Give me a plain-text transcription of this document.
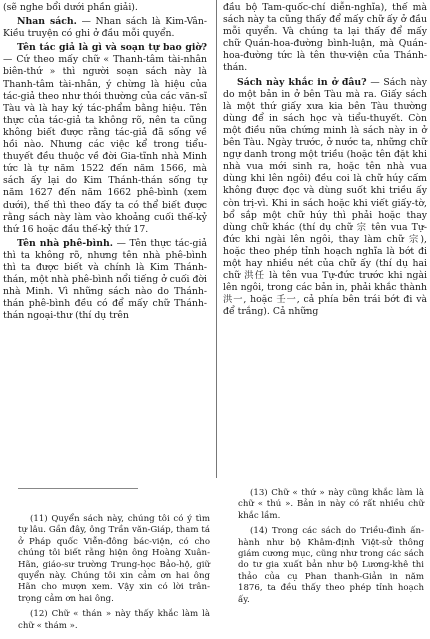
(sẽ nghe bổi dưới phần giải).

Nhan sách. — Nhan sách là Kim-Vân-Kiều truyện có ghi ở đầu mỗi quyển.

Tên tác giả là gì và soạn tự bao giờ? — Cứ theo mấy chữ « Thanh-tâm tài-nhân biên-thứ » thì người soạn sách này là Thanh-tâm tài-nhân, ý chừng là hiệu của tác-giả theo như thói thường của các văn-sĩ Tàu và là hay ký tác-phẩm bằng hiệu. Tên thực của tác-giả ta không rõ, nên ta cũng không biết được rằng tác-giả đã sống về hồi nào. Nhưng các việc kể trong tiểu-thuyết đều thuộc về đời Gia-tĩnh nhà Minh tức là tự năm 1522 đến năm 1566, mà sách ấy lại do Kim Thánh-thán sống tự năm 1627 đến năm 1662 phê-bình (xem dưới), thế thì theo đấy ta có thể biết được rằng sách này làm vào khoảng cuối thế-kỷ thứ 16 hoặc đầu thế-kỷ thứ 17.

Tên nhà phê-bình. — Tên thực tác-giả thì ta không rõ, nhưng tên nhà phê-bình thì ta được biết và chính là Kim Thánh-thán, một nhà phê-bình nổi tiếng ở cuối đời nhà Minh. Vì những sách nào do Thánh-thán phê-bình đều có để mấy chữ Thánh-thán ngoại-thư (thí dụ trên

đầu bộ Tam-quốc-chí diễn-nghĩa), thế mà sách này ta cũng thấy để mấy chữ ấy ở đầu mỗi quyển. Và chúng ta lại thấy để mấy chữ Quán-hoa-đường bình-luận, mà Quán-hoa-đường tức là tên thư-viện của Thánh-thán.

Sách này khắc in ở đâu? — Sách này do một bản in ở bên Tàu mà ra. Giấy sách là một thứ giấy xưa kia bên Tàu thường dùng để in sách học và tiểu-thuyết. Còn một điều nữa chứng minh là sách này in ở bên Tàu. Ngày trước, ở nước ta, những chữ ngự danh trong một triều (hoặc tên đặt khi nhà vua mới sinh ra, hoặc tên nhà vua dùng khi lên ngôi) đều coi là chữ húy cấm không được đọc và dùng suốt khi triều ấy còn trị-vì. Khi in sách hoặc khi viết giấy-tờ, bổ sắp một chữ húy thì phải hoặc thay dùng chữ khác (thí dụ chữ 宗 tên vua Tự-đức khi ngài lên ngôi, thay làm chữ 宗), hoặc theo phép tỉnh hoạch nghĩa là bớt đi một hay nhiều nét của chữ ấy (thí dụ hai chữ 洪任 là tên vua Tự-đức trước khi ngài lên ngôi, trong các bản in, phải khắc thành 洪一, hoặc 壬一, cả phía bên trái bớt đi và để trắng). Cả những

(11) Quyển sách này, chúng tôi có ý tìm tự lâu. Gần đây, ông Trần văn-Giáp, tham tá ở Pháp quốc Viễn-đông bác-viện, có cho chúng tôi biết rằng hiện ông Hoàng Xuân-Hãn, giáo-sư trường Trung-học Bảo-hộ, giữ quyển này. Chúng tôi xin cảm ơn hai ông Hãn cho mượn xem. Vậy xin có lời trân-trọng cảm ơn hai ông.

(12) Chữ « thán » này thấy khắc làm là chữ « thám ».

(13) Chữ « thứ » này cũng khắc làm là chữ « thú ». Bản in này có rất nhiều chữ khắc lầm.

(14) Trong các sách do Triều-đình ấn-hành như bộ Khâm-định Việt-sử thông giám cương mục, cũng như trong các sách do tư gia xuất bản như bộ Lương-khê thi thảo của cụ Phan thanh-Giản in năm 1876, ta đều thấy theo phép tỉnh hoạch ấy.
